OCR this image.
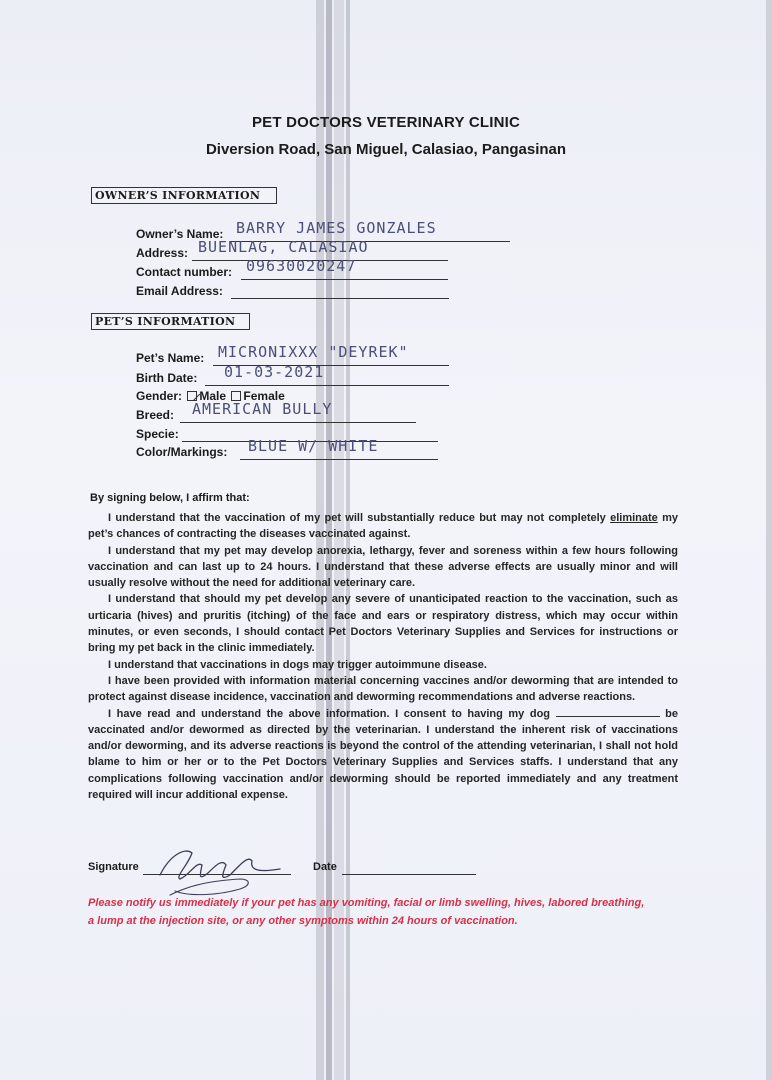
PET DOCTORS VETERINARY CLINIC
Diversion Road, San Miguel, Calasiao, Pangasinan
OWNER’S INFORMATION
Owner’s Name: BARRY JAMES GONZALES
Address: BUENLAG, CALASIAO
Contact number: 09630020247
Email Address:
PET’S INFORMATION
Pet’s Name: MICRONIXXX "DEYREK"
Birth Date: 01-03-2021
Gender: Male Female
Breed: AMERICAN BULLY
Specie:
Color/Markings: BLUE W/ WHITE
By signing below, I affirm that:

I understand that the vaccination of my pet will substantially reduce but may not completely eliminate my pet’s chances of contracting the diseases vaccinated against.

I understand that my pet may develop anorexia, lethargy, fever and soreness within a few hours following vaccination and can last up to 24 hours. I understand that these adverse effects are usually minor and will usually resolve without the need for additional veterinary care.

I understand that should my pet develop any severe of unanticipated reaction to the vaccination, such as urticaria (hives) and pruritis (itching) of the face and ears or respiratory distress, which may occur within minutes, or even seconds, I should contact Pet Doctors Veterinary Supplies and Services for instructions or bring my pet back in the clinic immediately.

I understand that vaccinations in dogs may trigger autoimmune disease.

I have been provided with information material concerning vaccines and/or deworming that are intended to protect against disease incidence, vaccination and deworming recommendations and adverse reactions.

I have read and understand the above information. I consent to having my dog	be vaccinated and/or dewormed as directed by the veterinarian. I understand the inherent risk of vaccinations and/or deworming, and its adverse reactions is beyond the control of the attending veterinarian, I shall not hold blame to him or her or to the Pet Doctors Veterinary Supplies and Services staffs. I understand that any complications following vaccination and/or deworming should be reported immediately and any treatment required will incur additional expense.

Signature	Date
Please notify us immediately if your pet has any vomiting, facial or limb swelling, hives, labored breathing, a lump at the injection site, or any other symptoms within 24 hours of vaccination.
